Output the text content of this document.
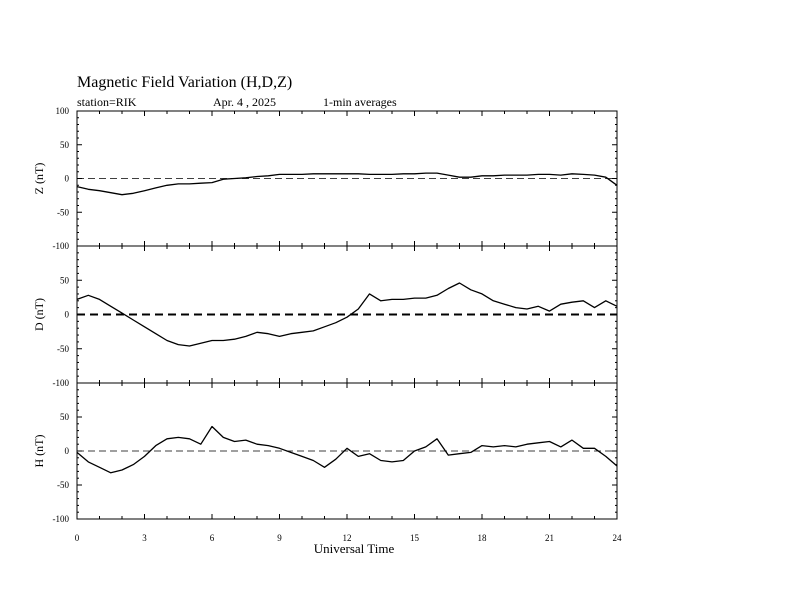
Magnetic Field Variation (H,D,Z)
station=RIK	Apr. 4 , 2025	1-min averages
100
50
0
-50
-100
Z (nT)
50
0
-50
-100
D (nT)
50
0
-50
-100
H (nT)
0	3	6	9	12	15	18	21	24
Universal Time
